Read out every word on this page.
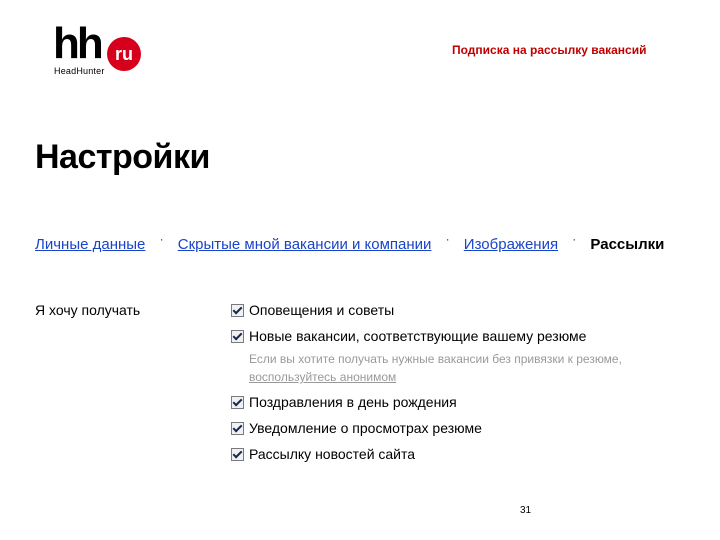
hh ru
HeadHunter
Подписка на рассылку вакансий
Настройки
Личные данные · Скрытые мной вакансии и компании · Изображения · Рассылки
Я хочу получать	Оповещения и советы
Новые вакансии, соответствующие вашему резюме
Если вы хотите получать нужные вакансии без привязки к резюме, воспользуйтесь анонимом
Поздравления в день рождения
Уведомление о просмотрах резюме
Рассылку новостей сайта
31
